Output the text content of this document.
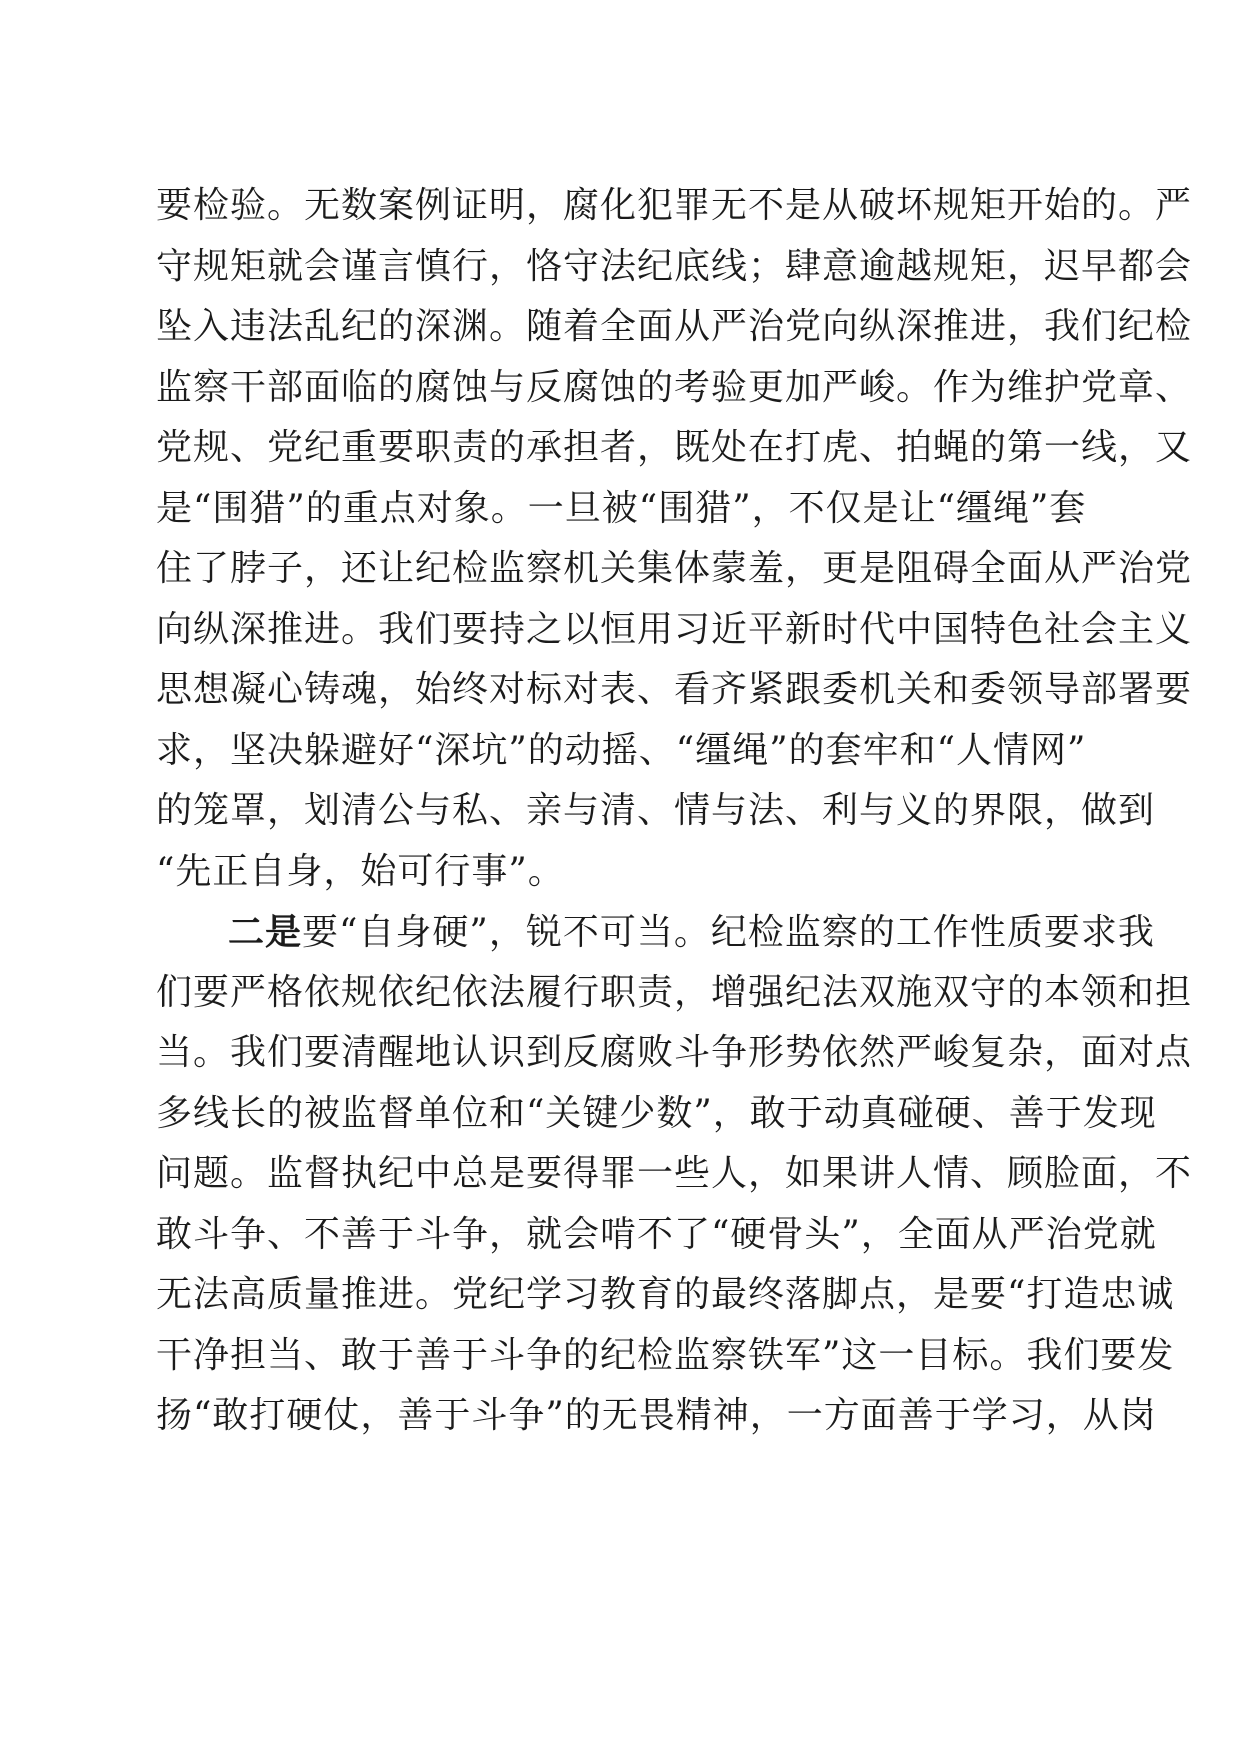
要检验。无数案例证明，腐化犯罪无不是从破坏规矩开始的。严
守规矩就会谨言慎行，恪守法纪底线；肆意逾越规矩，迟早都会
坠入违法乱纪的深渊。随着全面从严治党向纵深推进，我们纪检
监察干部面临的腐蚀与反腐蚀的考验更加严峻。作为维护党章、
党规、党纪重要职责的承担者，既处在打虎、拍蝇的第一线，又
是“围猎”的重点对象。一旦被“围猎”，不仅是让“缰绳”套
住了脖子，还让纪检监察机关集体蒙羞，更是阻碍全面从严治党
向纵深推进。我们要持之以恒用习近平新时代中国特色社会主义
思想凝心铸魂，始终对标对表、看齐紧跟委机关和委领导部署要
求，坚决躲避好“深坑”的动摇、“缰绳”的套牢和“人情网”
的笼罩，划清公与私、亲与清、情与法、利与义的界限，做到
“先正自身，始可行事”。
二是要“自身硬”，锐不可当。纪检监察的工作性质要求我
们要严格依规依纪依法履行职责，增强纪法双施双守的本领和担
当。我们要清醒地认识到反腐败斗争形势依然严峻复杂，面对点
多线长的被监督单位和“关键少数”，敢于动真碰硬、善于发现
问题。监督执纪中总是要得罪一些人，如果讲人情、顾脸面，不
敢斗争、不善于斗争，就会啃不了“硬骨头”，全面从严治党就
无法高质量推进。党纪学习教育的最终落脚点，是要“打造忠诚
干净担当、敢于善于斗争的纪检监察铁军”这一目标。我们要发
扬“敢打硬仗，善于斗争”的无畏精神，一方面善于学习，从岗
